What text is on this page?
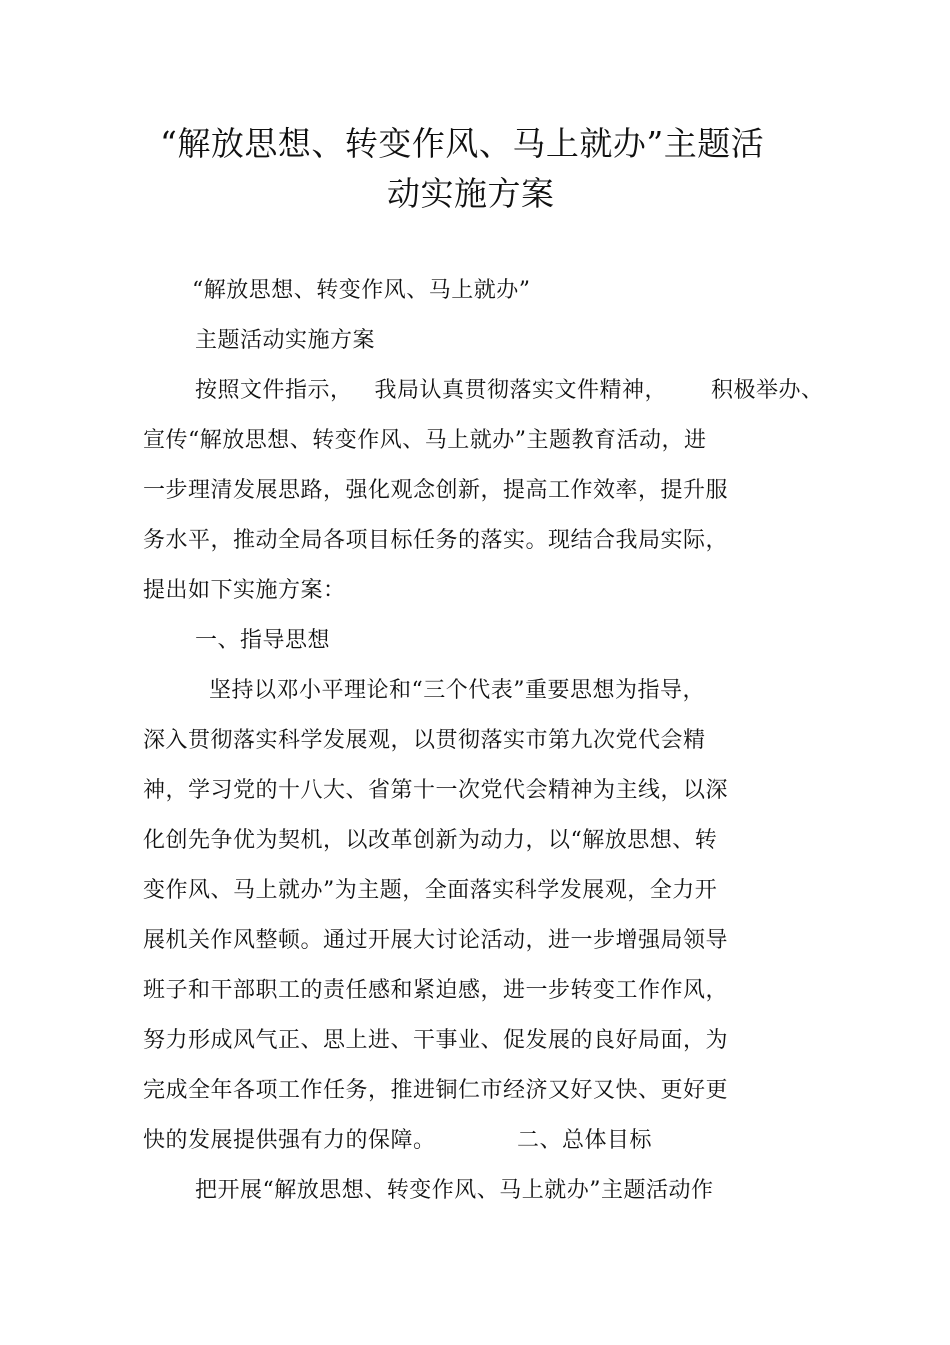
“解放思想、转变作风、马上就办”主题活
动实施方案
“解放思想、转变作风、马上就办”
主题活动实施方案
按照文件指示， 我局认真贯彻落实文件精神， 积极举办、
宣传“解放思想、转变作风、马上就办”主题教育活动，进
一步理清发展思路，强化观念创新，提高工作效率，提升服
务水平，推动全局各项目标任务的落实。现结合我局实际，
提出如下实施方案：
一、指导思想
坚持以邓小平理论和“三个代表”重要思想为指导，
深入贯彻落实科学发展观，以贯彻落实市第九次党代会精
神，学习党的十八大、省第十一次党代会精神为主线，以深
化创先争优为契机，以改革创新为动力，以“解放思想、转
变作风、马上就办”为主题，全面落实科学发展观，全力开
展机关作风整顿。通过开展大讨论活动，进一步增强局领导
班子和干部职工的责任感和紧迫感，进一步转变工作作风，
努力形成风气正、思上进、干事业、促发展的良好局面，为
完成全年各项工作任务，推进铜仁市经济又好又快、更好更
快的发展提供强有力的保障。	二、总体目标
把开展“解放思想、转变作风、马上就办”主题活动作
